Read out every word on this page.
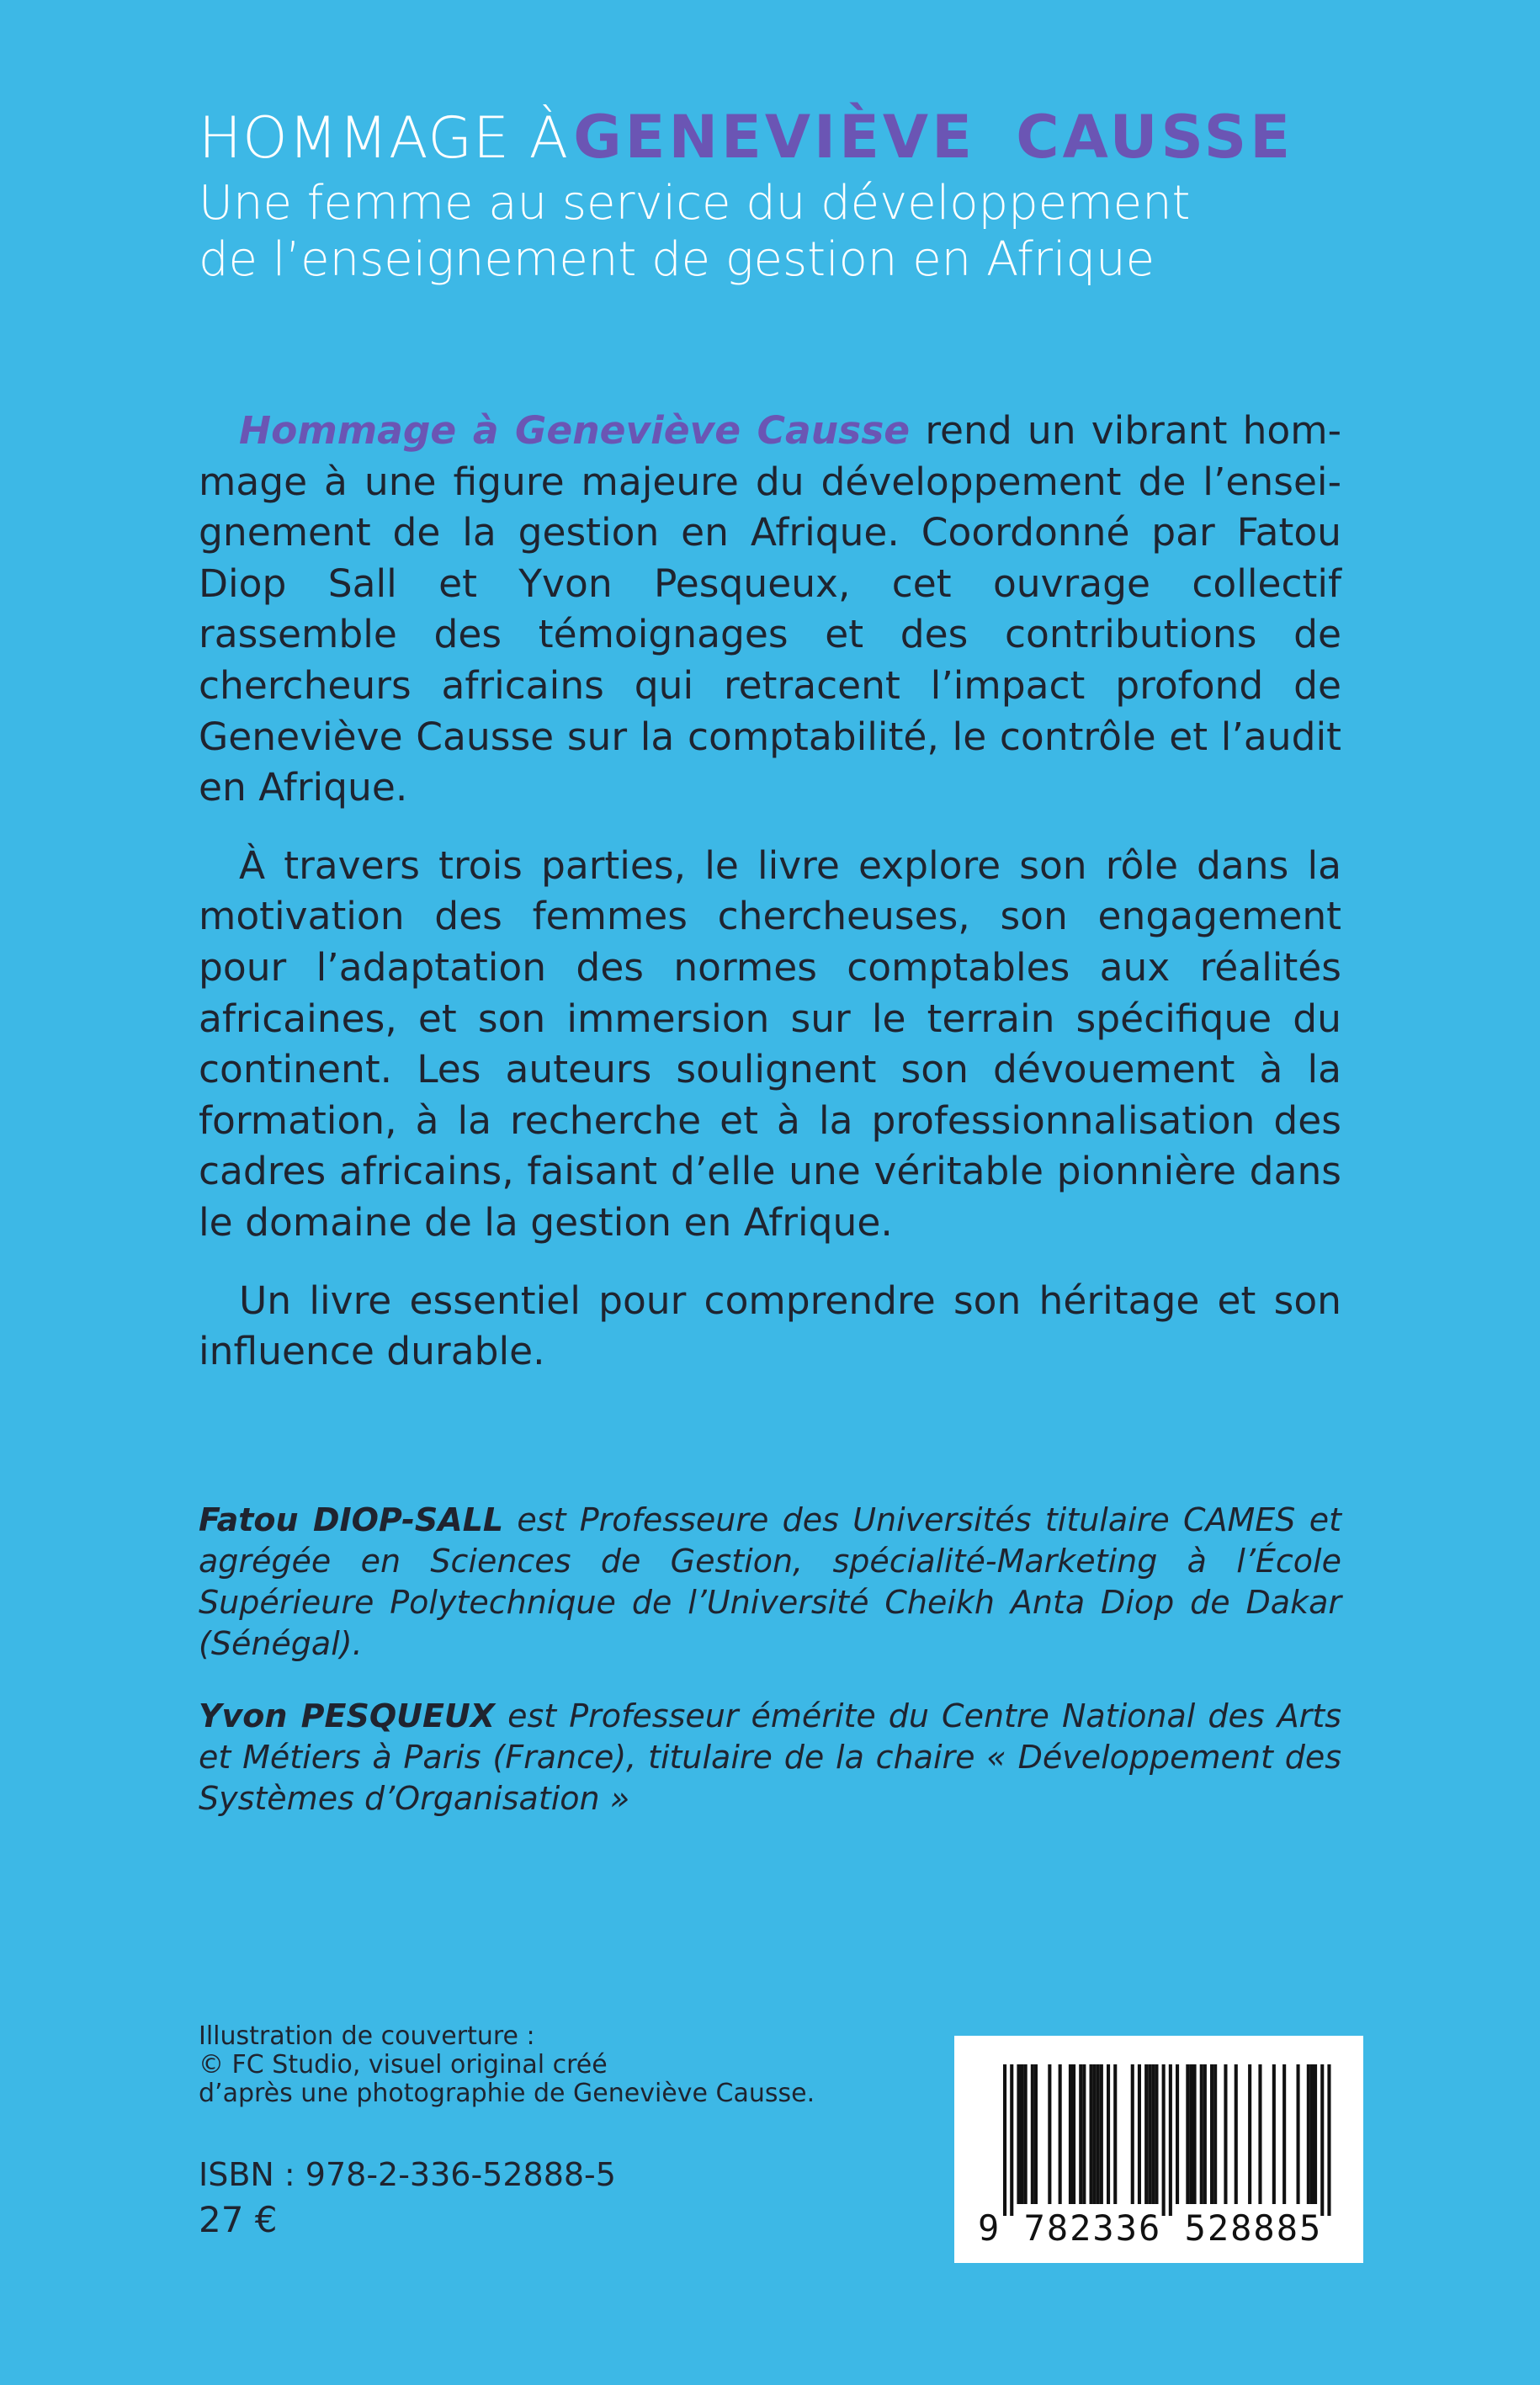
HOMMAGE À GENEVIÈVE CAUSSE
Une femme au service du développement
de l’enseignement de gestion en Afrique

Hommage à Geneviève Causse rend un vibrant hommage à une figure majeure du développement de l’enseignement de la gestion en Afrique. Coordonné par Fatou Diop Sall et Yvon Pesqueux, cet ouvrage collectif rassemble des témoignages et des contributions de chercheurs africains qui retracent l’impact profond de Geneviève Causse sur la comptabilité, le contrôle et l’audit en Afrique.

À travers trois parties, le livre explore son rôle dans la motivation des femmes chercheuses, son engagement pour l’adaptation des normes comptables aux réalités africaines, et son immersion sur le terrain spécifique du continent. Les auteurs soulignent son dévouement à la formation, à la recherche et à la professionnalisation des cadres africains, faisant d’elle une véritable pionnière dans le domaine de la gestion en Afrique.

Un livre essentiel pour comprendre son héritage et son influence durable.

Fatou DIOP-SALL est Professeure des Universités titulaire CAMES et agrégée en Sciences de Gestion, spécialité-Marketing à l’École Supérieure Polytechnique de l’Université Cheikh Anta Diop de Dakar (Sénégal).

Yvon PESQUEUX est Professeur émérite du Centre National des Arts et Métiers à Paris (France), titulaire de la chaire « Développement des Systèmes d’Organisation »

Illustration de couverture :
© FC Studio, visuel original créé
d’après une photographie de Geneviève Causse.
ISBN : 978-2-336-52888-5
27 €	9 782336 528885
